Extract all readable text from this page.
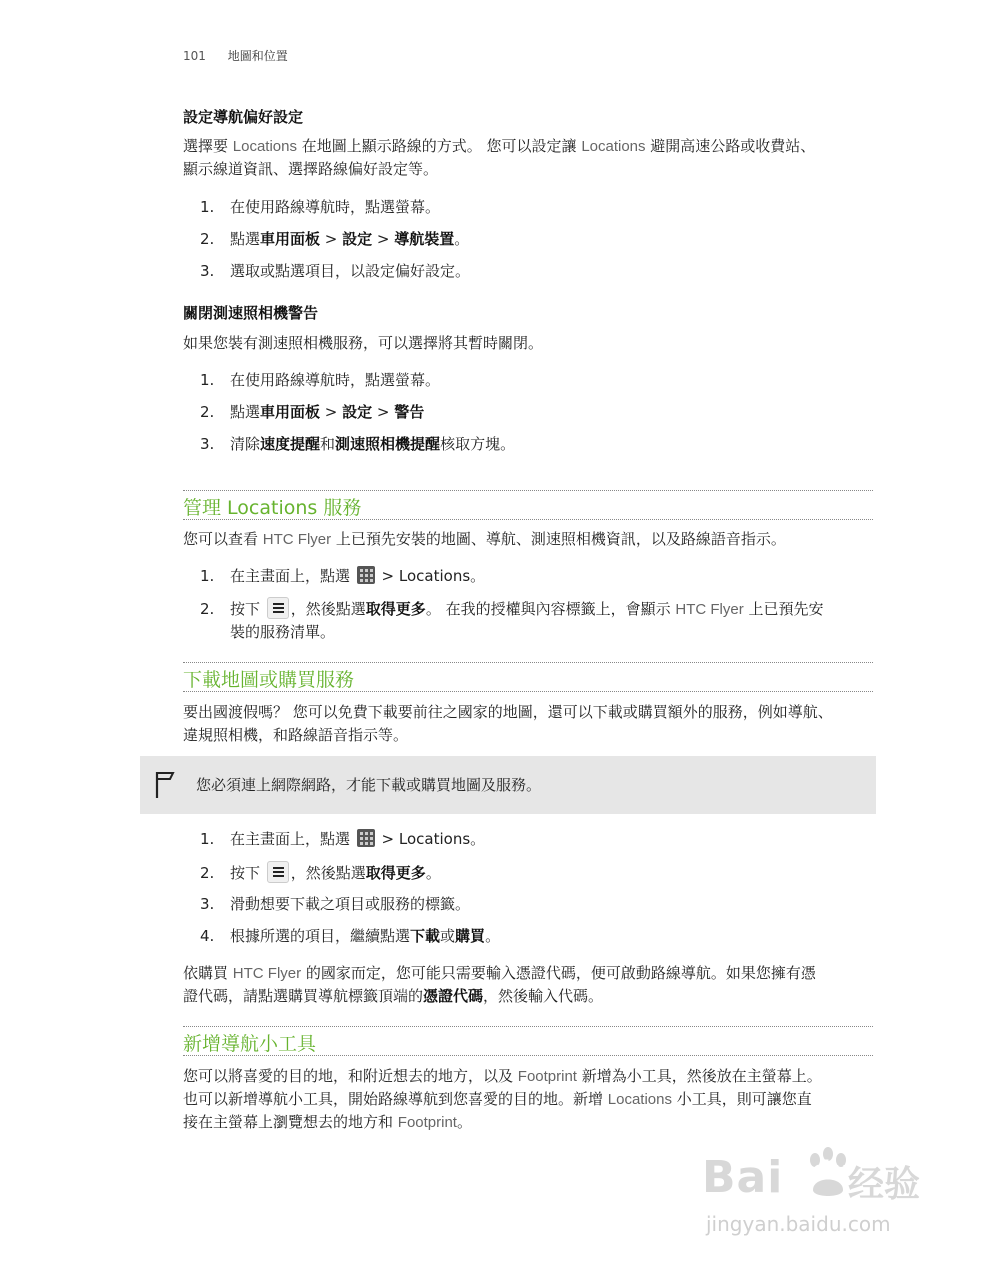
101 地圖和位置
設定導航偏好設定
選擇要 Locations 在地圖上顯示路線的方式。 您可以設定讓 Locations 避開高速公路或收費站、
顯示線道資訊、選擇路線偏好設定等。
1. 在使用路線導航時，點選螢幕。
2. 點選車用面板 > 設定 > 導航裝置。
3. 選取或點選項目，以設定偏好設定。
關閉測速照相機警告
如果您裝有測速照相機服務，可以選擇將其暫時關閉。
1. 在使用路線導航時，點選螢幕。
2. 點選車用面板 > 設定 > 警告
3. 清除速度提醒和測速照相機提醒核取方塊。
管理 Locations 服務
您可以查看 HTC Flyer 上已預先安裝的地圖、導航、測速照相機資訊，以及路線語音指示。
1. 在主畫面上，點選
> Locations。
2. 按下
，然後點選取得更多。 在我的授權與內容標籤上，會顯示 HTC Flyer 上已預先安
裝的服務清單。
下載地圖或購買服務
要出國渡假嗎？ 您可以免費下載要前往之國家的地圖，還可以下載或購買額外的服務，例如導航、
違規照相機，和路線語音指示等。
您必須連上網際網路，才能下載或購買地圖及服務。
1. 在主畫面上，點選
> Locations。
2. 按下
，然後點選取得更多。
3. 滑動想要下載之項目或服務的標籤。
4. 根據所選的項目，繼續點選下載或購買。
依購買 HTC Flyer 的國家而定，您可能只需要輸入憑證代碼，便可啟動路線導航。如果您擁有憑
證代碼，請點選購買導航標籤頂端的憑證代碼，然後輸入代碼。
新增導航小工具
您可以將喜愛的目的地，和附近想去的地方，以及 Footprint 新增為小工具，然後放在主螢幕上。
也可以新增導航小工具，開始路線導航到您喜愛的目的地。新增 Locations 小工具，則可讓您直
接在主螢幕上瀏覽想去的地方和 Footprint。
Bai du
经验
jingyan.baidu.com
